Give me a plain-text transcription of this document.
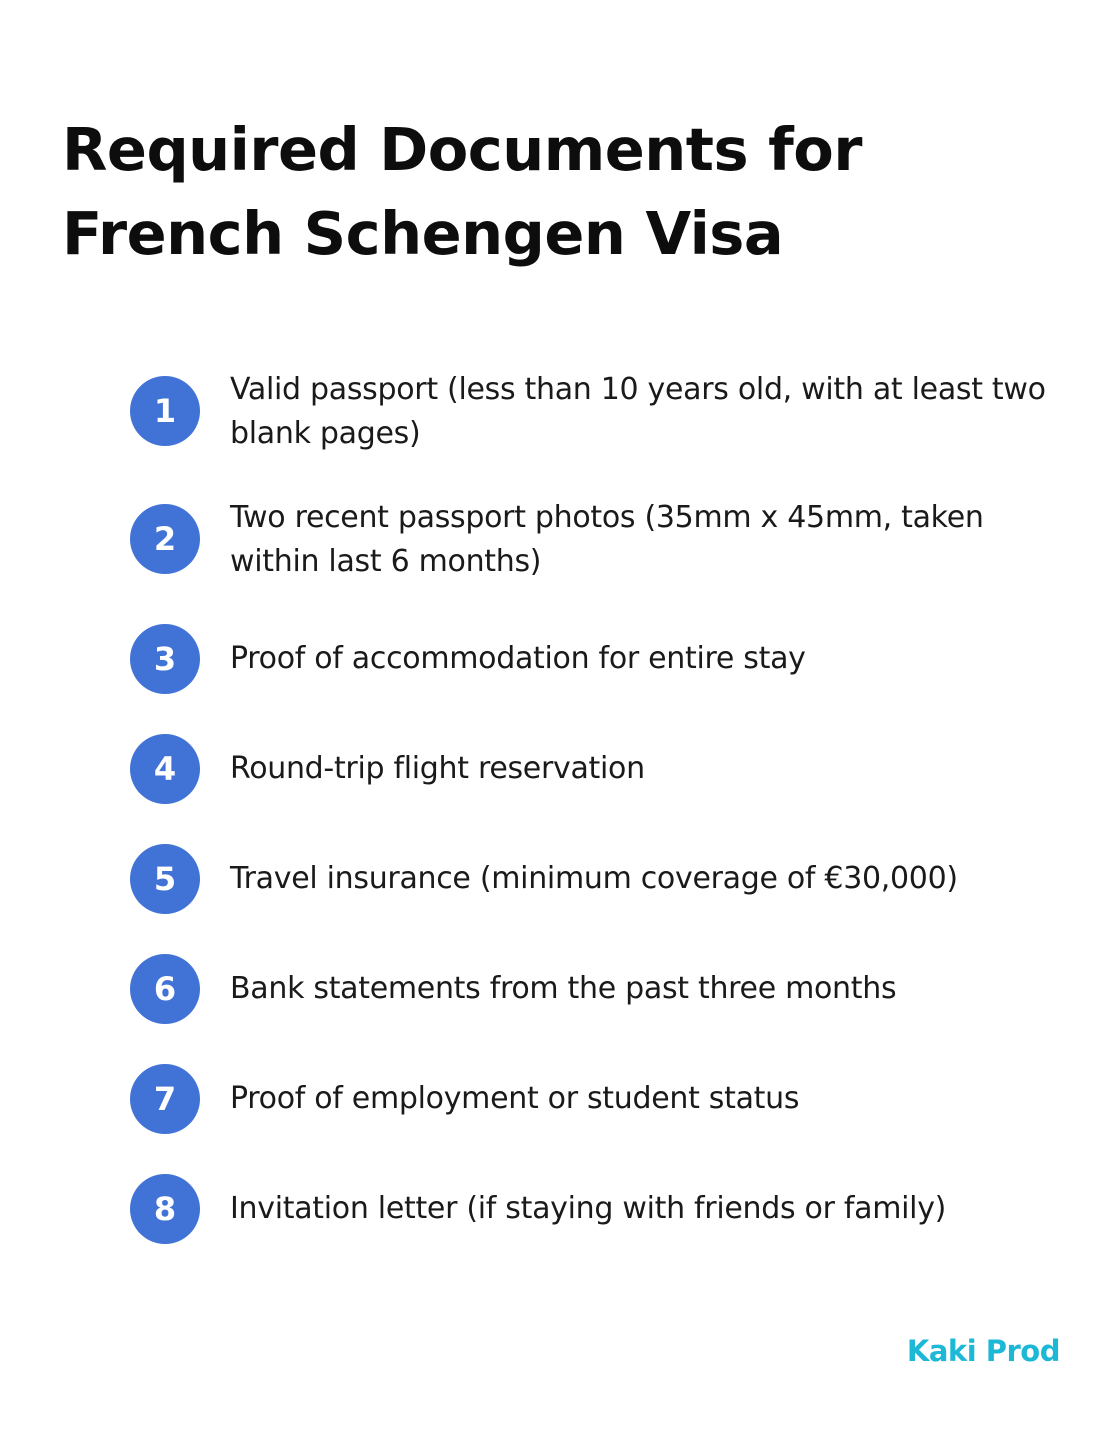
Required Documents for
French Schengen Visa
1
Valid passport (less than 10 years old, with at least two blank pages)
2
Two recent passport photos (35mm x 45mm, taken within last 6 months)
3	Proof of accommodation for entire stay
4	Round-trip flight reservation
5	Travel insurance (minimum coverage of €30,000)
6	Bank statements from the past three months
7	Proof of employment or student status
8	Invitation letter (if staying with friends or family)
Kaki Prod
